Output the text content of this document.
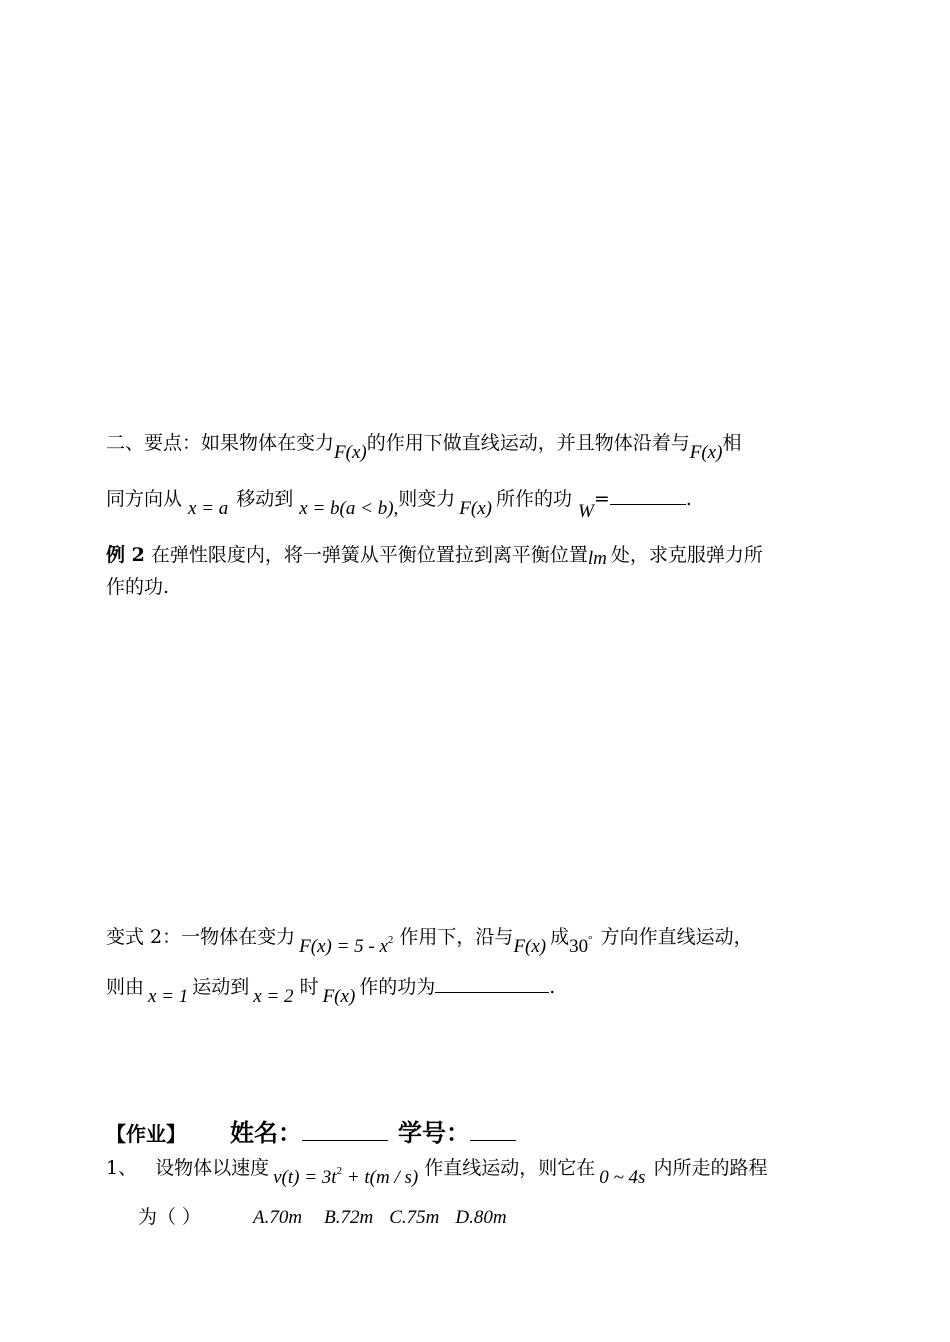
二、要点：如果物体在变力F(x)的作用下做直线运动，并且物体沿着与F(x)相
同方向从 x = a 移动到 x = b(a < b),则变力 F(x) 所作的功W=	.
例 2 在弹性限度内，将一弹簧从平衡位置拉到离平衡位置lm 处，求克服弹力所
作的功.
变式 2：一物体在变力 $F(x) = 5 - x^2$ 作用下，沿与F(x) 成30° 方向作直线运动，
则由 x = 1 运动到 x = 2 时 F(x) 作的功为	.
【作业】 姓名：	学号：
1、 设物体以速度 $v(t) = 3t^2 + t(m / s)$ 作直线运动，则它在 0 ~ 4s 内所走的路程
为（ ）	A.70m B.72m C.75m D.80m
